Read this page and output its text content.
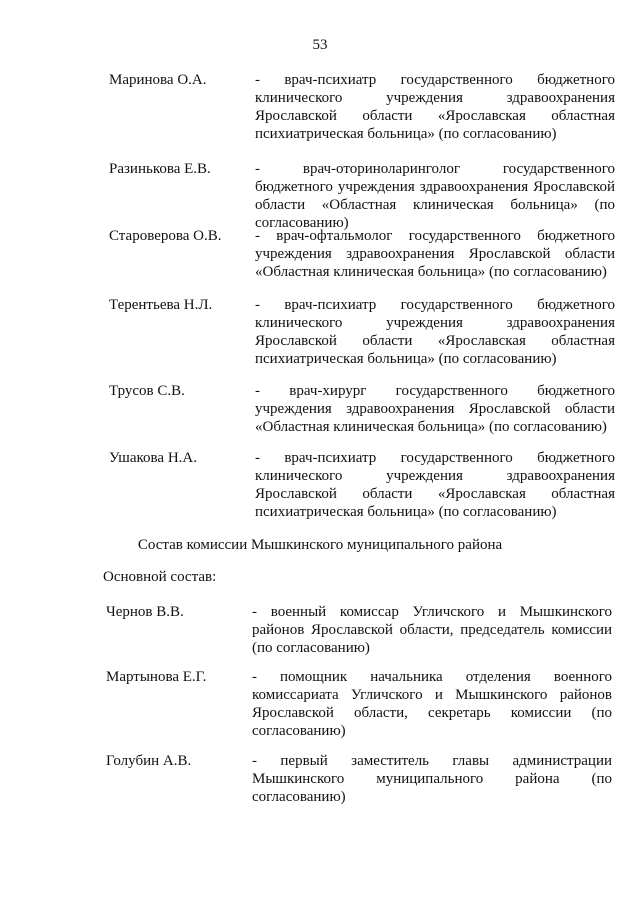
53
Маринова О.А.	- врач-психиатр государственного бюджетного клинического учреждения здравоохранения Ярославской области «Ярославская областная психиатрическая больница» (по согласованию)
Разинькова Е.В.	- врач-оториноларинголог государственного бюджетного учреждения здравоохранения Ярославской области «Областная клиническая больница» (по согласованию)
Староверова О.В.	- врач-офтальмолог государственного бюджетного учреждения здравоохранения Ярославской области «Областная клиническая больница» (по согласованию)
Терентьева Н.Л.	- врач-психиатр государственного бюджетного клинического учреждения здравоохранения Ярославской области «Ярославская областная психиатрическая больница» (по согласованию)
Трусов С.В.	- врач-хирург государственного бюджетного учреждения здравоохранения Ярославской области «Областная клиническая больница» (по согласованию)
Ушакова Н.А.	- врач-психиатр государственного бюджетного клинического учреждения здравоохранения Ярославской области «Ярославская областная психиатрическая больница» (по согласованию)
Состав комиссии Мышкинского муниципального района
Основной состав:
Чернов В.В.	- военный комиссар Угличского и Мышкинского районов Ярославской области, председатель комиссии (по согласованию)
Мартынова Е.Г.	- помощник начальника отделения военного комиссариата Угличского и Мышкинского районов Ярославской области, секретарь комиссии (по согласованию)
Голубин А.В.	- первый заместитель главы администрации Мышкинского муниципального района (по согласованию)
